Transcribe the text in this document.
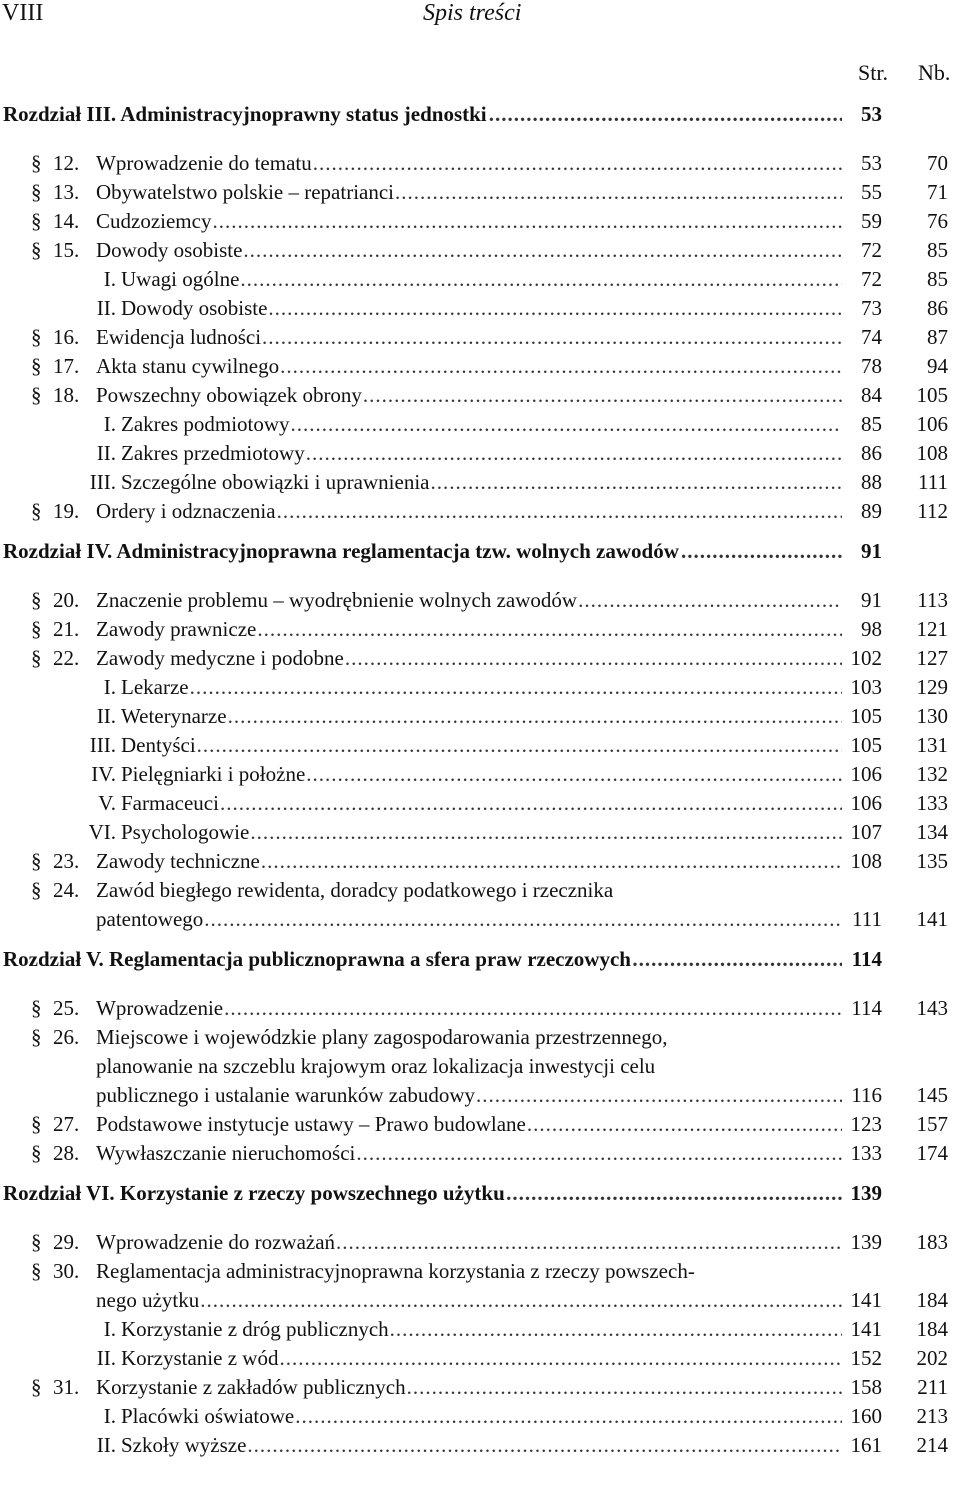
VIII	Spis treści
Str. Nb.
Rozdział III. Administracyjnoprawny status jednostki .....	53
§ 12. Wprowadzenie do tematu .....	53 70
§ 13. Obywatelstwo polskie – repatrianci .....	55 71
§ 14. Cudzoziemcy .....	59 76
§ 15. Dowody osobiste .....	72 85
I. Uwagi ogólne .....	72 85
II. Dowody osobiste .....	73 86
§ 16. Ewidencja ludności .....	74 87
§ 17. Akta stanu cywilnego .....	78 94
§ 18. Powszechny obowiązek obrony .....	84 105
I. Zakres podmiotowy .....	85 106
II. Zakres przedmiotowy .....	86 108
III. Szczególne obowiązki i uprawnienia .....	88 111
§ 19. Ordery i odznaczenia .....	89 112
Rozdział IV. Administracyjnoprawna reglamentacja tzw. wolnych zawodów .....	91
§ 20. Znaczenie problemu – wyodrębnienie wolnych zawodów .....	91 113
§ 21. Zawody prawnicze .....	98 121
§ 22. Zawody medyczne i podobne .....	102 127
I. Lekarze .....	103 129
II. Weterynarze .....	105 130
III. Dentyści .....	105 131
IV. Pielęgniarki i położne .....	106 132
V. Farmaceuci .....	106 133
VI. Psychologowie .....	107 134
§ 23. Zawody techniczne .....	108 135
§ 24. Zawód biegłego rewidenta, doradcy podatkowego i rzecznika
patentowego .....	111 141
Rozdział V. Reglamentacja publicznoprawna a sfera praw rzeczowych .....	114
§ 25. Wprowadzenie .....	114 143
§ 26. Miejscowe i wojewódzkie plany zagospodarowania przestrzennego,
planowanie na szczeblu krajowym oraz lokalizacja inwestycji celu
publicznego i ustalanie warunków zabudowy .....	116 145
§ 27. Podstawowe instytucje ustawy – Prawo budowlane .....	123 157
§ 28. Wywłaszczanie nieruchomości .....	133 174
Rozdział VI. Korzystanie z rzeczy powszechnego użytku .....	139
§ 29. Wprowadzenie do rozważań .....	139 183
§ 30. Reglamentacja administracyjnoprawna korzystania z rzeczy powszech-
nego użytku .....	141 184
I. Korzystanie z dróg publicznych .....	141 184
II. Korzystanie z wód .....	152 202
§ 31. Korzystanie z zakładów publicznych .....	158 211
I. Placówki oświatowe .....	160 213
II. Szkoły wyższe .....	161 214
